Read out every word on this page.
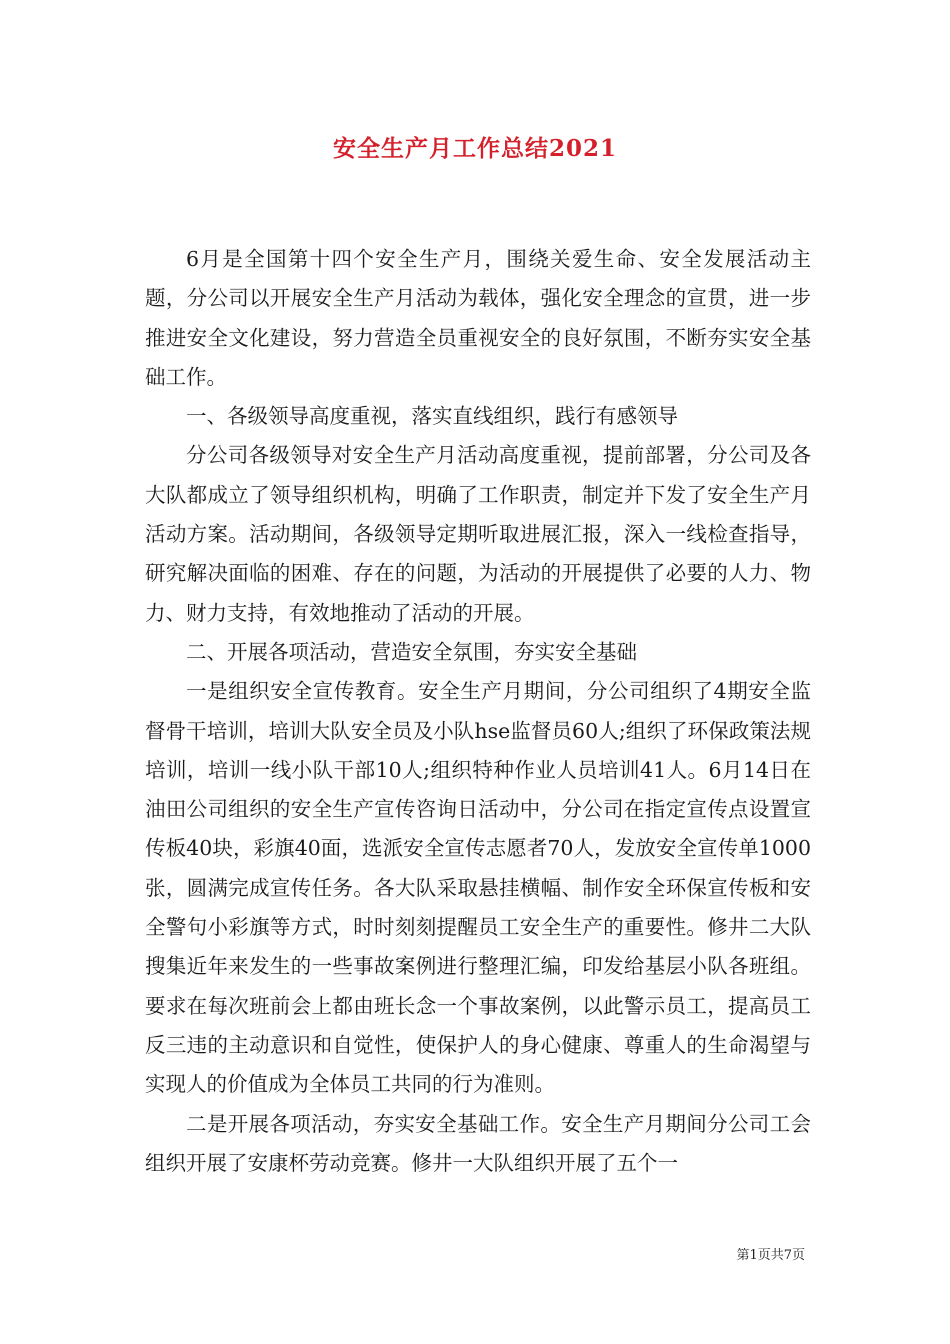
安全生产月工作总结2021

6月是全国第十四个安全生产月，围绕关爱生命、安全发展活动主题，分公司以开展安全生产月活动为载体，强化安全理念的宣贯，进一步推进安全文化建设，努力营造全员重视安全的良好氛围，不断夯实安全基础工作。

一、各级领导高度重视，落实直线组织，践行有感领导

分公司各级领导对安全生产月活动高度重视，提前部署，分公司及各大队都成立了领导组织机构，明确了工作职责，制定并下发了安全生产月活动方案。活动期间，各级领导定期听取进展汇报，深入一线检查指导，研究解决面临的困难、存在的问题，为活动的开展提供了必要的人力、物力、财力支持，有效地推动了活动的开展。

二、开展各项活动，营造安全氛围，夯实安全基础

一是组织安全宣传教育。安全生产月期间，分公司组织了4期安全监督骨干培训，培训大队安全员及小队hse监督员60人;组织了环保政策法规培训，培训一线小队干部10人;组织特种作业人员培训41人。6月14日在油田公司组织的安全生产宣传咨询日活动中，分公司在指定宣传点设置宣传板40块，彩旗40面，选派安全宣传志愿者70人，发放安全宣传单1000张，圆满完成宣传任务。各大队采取悬挂横幅、制作安全环保宣传板和安全警句小彩旗等方式，时时刻刻提醒员工安全生产的重要性。修井二大队搜集近年来发生的一些事故案例进行整理汇编，印发给基层小队各班组。要求在每次班前会上都由班长念一个事故案例，以此警示员工，提高员工反三违的主动意识和自觉性，使保护人的身心健康、尊重人的生命渴望与实现人的价值成为全体员工共同的行为准则。

二是开展各项活动，夯实安全基础工作。安全生产月期间分公司工会组织开展了安康杯劳动竞赛。修井一大队组织开展了五个一

第1页共7页
